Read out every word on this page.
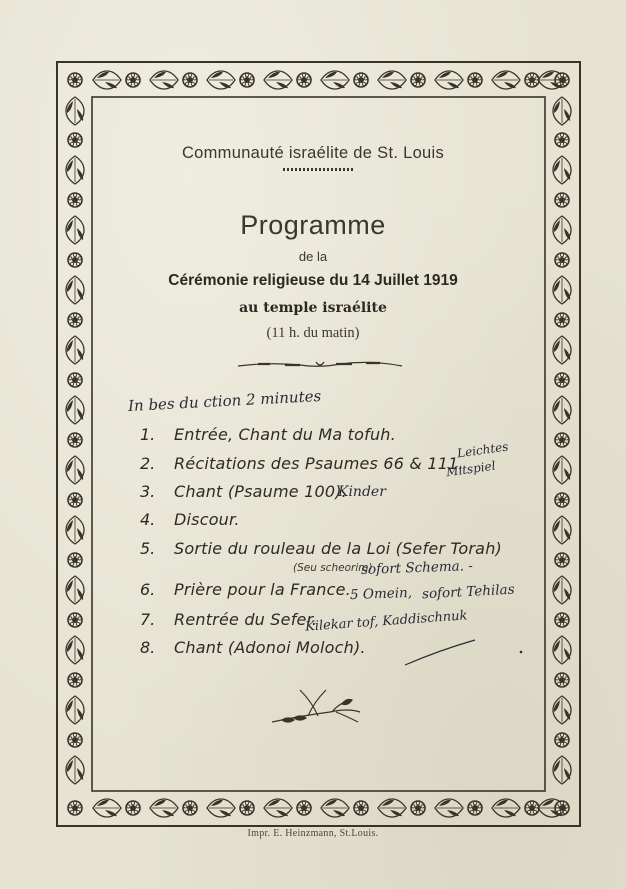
Communauté israélite de St. Louis
Programme
de la
Cérémonie religieuse du 14 Juillet 1919
au temple israélite
(11 h. du matin)
In bes du ction 2 minutes
1. Entrée, Chant du Ma tofuh.
2. Récitations des Psaumes 66 & 111.
3. Chant (Psaume 100).
4. Discour.
5. Sortie du rouleau de la Loi (Sefer Torah)
(Seu scheorim)
6. Prière pour la France.
7. Rentrée du Sefer.
8. Chant (Adonoi Moloch).
Leichtes
Mitspiel
Kinder
sofort Schema. -
5 Omein, sofort Tehilas
Kilekar tof, Kaddischnuk
Impr. E. Heinzmann, St.Louis.
